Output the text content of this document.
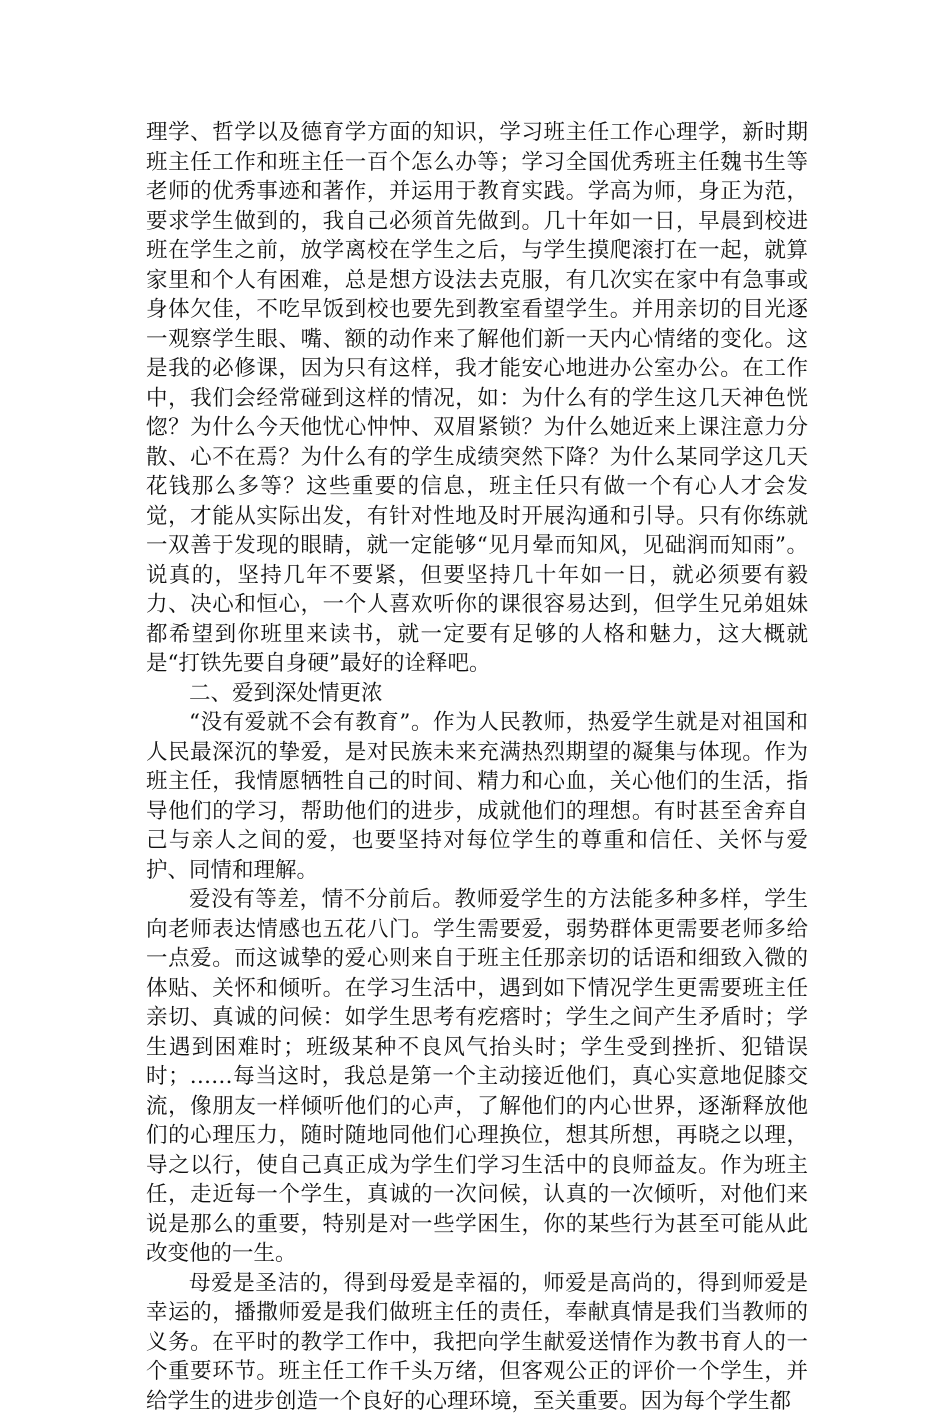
理学、哲学以及德育学方面的知识，学习班主任工作心理学，新时期班主任工作和班主任一百个怎么办等；学习全国优秀班主任魏书生等老师的优秀事迹和著作，并运用于教育实践。学高为师，身正为范，要求学生做到的，我自己必须首先做到。几十年如一日，早晨到校进班在学生之前，放学离校在学生之后，与学生摸爬滚打在一起，就算家里和个人有困难，总是想方设法去克服，有几次实在家中有急事或身体欠佳，不吃早饭到校也要先到教室看望学生。并用亲切的目光逐一观察学生眼、嘴、额的动作来了解他们新一天内心情绪的变化。这是我的必修课，因为只有这样，我才能安心地进办公室办公。在工作中，我们会经常碰到这样的情况，如：为什么有的学生这几天神色恍惚？为什么今天他忧心忡忡、双眉紧锁？为什么她近来上课注意力分散、心不在焉？为什么有的学生成绩突然下降？为什么某同学这几天花钱那么多等？这些重要的信息，班主任只有做一个有心人才会发觉，才能从实际出发，有针对性地及时开展沟通和引导。只有你练就一双善于发现的眼睛，就一定能够“见月晕而知风，见础润而知雨”。说真的，坚持几年不要紧，但要坚持几十年如一日，就必须要有毅力、决心和恒心，一个人喜欢听你的课很容易达到，但学生兄弟姐妹都希望到你班里来读书，就一定要有足够的人格和魅力，这大概就是“打铁先要自身硬”最好的诠释吧。

二、爱到深处情更浓

“没有爱就不会有教育”。作为人民教师，热爱学生就是对祖国和人民最深沉的挚爱，是对民族未来充满热烈期望的凝集与体现。作为班主任，我情愿牺牲自己的时间、精力和心血，关心他们的生活，指导他们的学习，帮助他们的进步，成就他们的理想。有时甚至舍弃自己与亲人之间的爱，也要坚持对每位学生的尊重和信任、关怀与爱护、同情和理解。

爱没有等差，情不分前后。教师爱学生的方法能多种多样，学生向老师表达情感也五花八门。学生需要爱，弱势群体更需要老师多给一点爱。而这诚挚的爱心则来自于班主任那亲切的话语和细致入微的体贴、关怀和倾听。在学习生活中，遇到如下情况学生更需要班主任亲切、真诚的问候：如学生思考有疙瘩时；学生之间产生矛盾时；学生遇到困难时；班级某种不良风气抬头时；学生受到挫折、犯错误时；……每当这时，我总是第一个主动接近他们，真心实意地促膝交流，像朋友一样倾听他们的心声，了解他们的内心世界，逐渐释放他们的心理压力，随时随地同他们心理换位，想其所想，再晓之以理，导之以行，使自己真正成为学生们学习生活中的良师益友。作为班主任，走近每一个学生，真诚的一次问候，认真的一次倾听，对他们来说是那么的重要，特别是对一些学困生，你的某些行为甚至可能从此改变他的一生。

母爱是圣洁的，得到母爱是幸福的，师爱是高尚的，得到师爱是幸运的，播撒师爱是我们做班主任的责任，奉献真情是我们当教师的义务。在平时的教学工作中，我把向学生献爱送情作为教书育人的一个重要环节。班主任工作千头万绪，但客观公正的评价一个学生，并给学生的进步创造一个良好的心理环境，至关重要。因为每个学生都
